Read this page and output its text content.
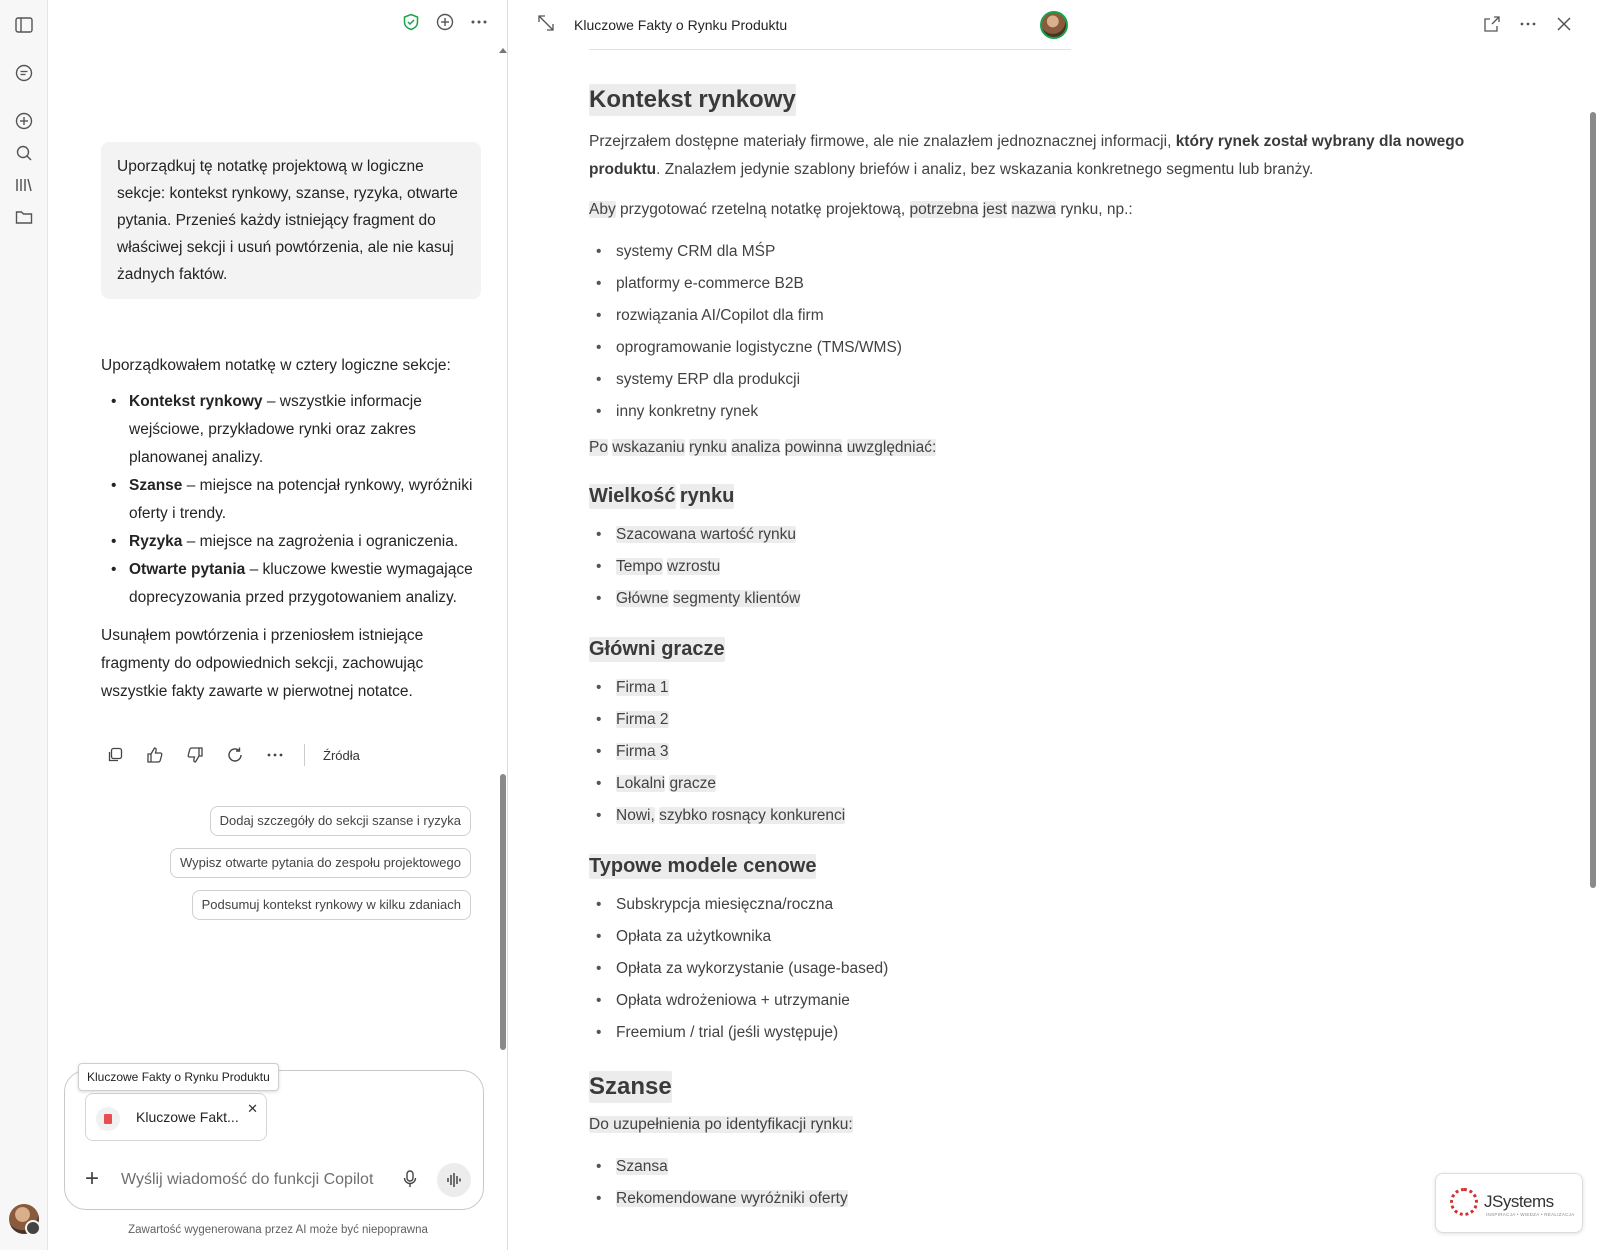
Uporządkuj tę notatkę projektową w logiczne sekcje: kontekst rynkowy, szanse, ryzyka, otwarte pytania. Przenieś każdy istniejący fragment do właściwej sekcji i usuń powtórzenia, ale nie kasuj żadnych faktów.

Uporządkowałem notatkę w cztery logiczne sekcje:

• Kontekst rynkowy – wszystkie informacje wejściowe, przykładowe rynki oraz zakres planowanej analizy.
• Szanse – miejsce na potencjał rynkowy, wyróżniki oferty i trendy.
• Ryzyka – miejsce na zagrożenia i ograniczenia.
• Otwarte pytania – kluczowe kwestie wymagające doprecyzowania przed przygotowaniem analizy.

Usunąłem powtórzenia i przeniosłem istniejące fragmenty do odpowiednich sekcji, zachowując wszystkie fakty zawarte w pierwotnej notatce.

Źródła
Dodaj szczegóły do sekcji szanse i ryzyka
Wypisz otwarte pytania do zespołu projektowego
Podsumuj kontekst rynkowy w kilku zdaniach
Kluczowe Fakty o Rynku Produktu
Kluczowe Fakt...
✕
+ Wyślij wiadomość do funkcji Copilot
Zawartość wygenerowana przez AI może być niepoprawna
Kluczowe Fakty o Rynku Produktu
Kontekst rynkowy

Przejrzałem dostępne materiały firmowe, ale nie znalazłem jednoznacznej informacji, który rynek został wybrany dla nowego produktu. Znalazłem jedynie szablony briefów i analiz, bez wskazania konkretnego segmentu lub branży.

Aby przygotować rzetelną notatkę projektową, potrzebna jest nazwa rynku, np.:

• systemy CRM dla MŚP
• platformy e-commerce B2B
• rozwiązania AI/Copilot dla firm
• oprogramowanie logistyczne (TMS/WMS)
• systemy ERP dla produkcji
• inny konkretny rynek

Po wskazaniu rynku analiza powinna uwzględniać:

Wielkość rynku
• Szacowana wartość rynku
• Tempo wzrostu
• Główne segmenty klientów
Główni gracze
• Firma 1
• Firma 2
• Firma 3
• Lokalni gracze
• Nowi, szybko rosnący konkurenci
Typowe modele cenowe
• Subskrypcja miesięczna/roczna
• Opłata za użytkownika
• Opłata za wykorzystanie (usage-based)
• Opłata wdrożeniowa + utrzymanie
• Freemium / trial (jeśli występuje)
Szanse

Do uzupełnienia po identyfikacji rynku:

• Szansa
• Rekomendowane wyróżniki oferty	JSystems
INSPIRACJA • WIEDZA • REALIZACJA
